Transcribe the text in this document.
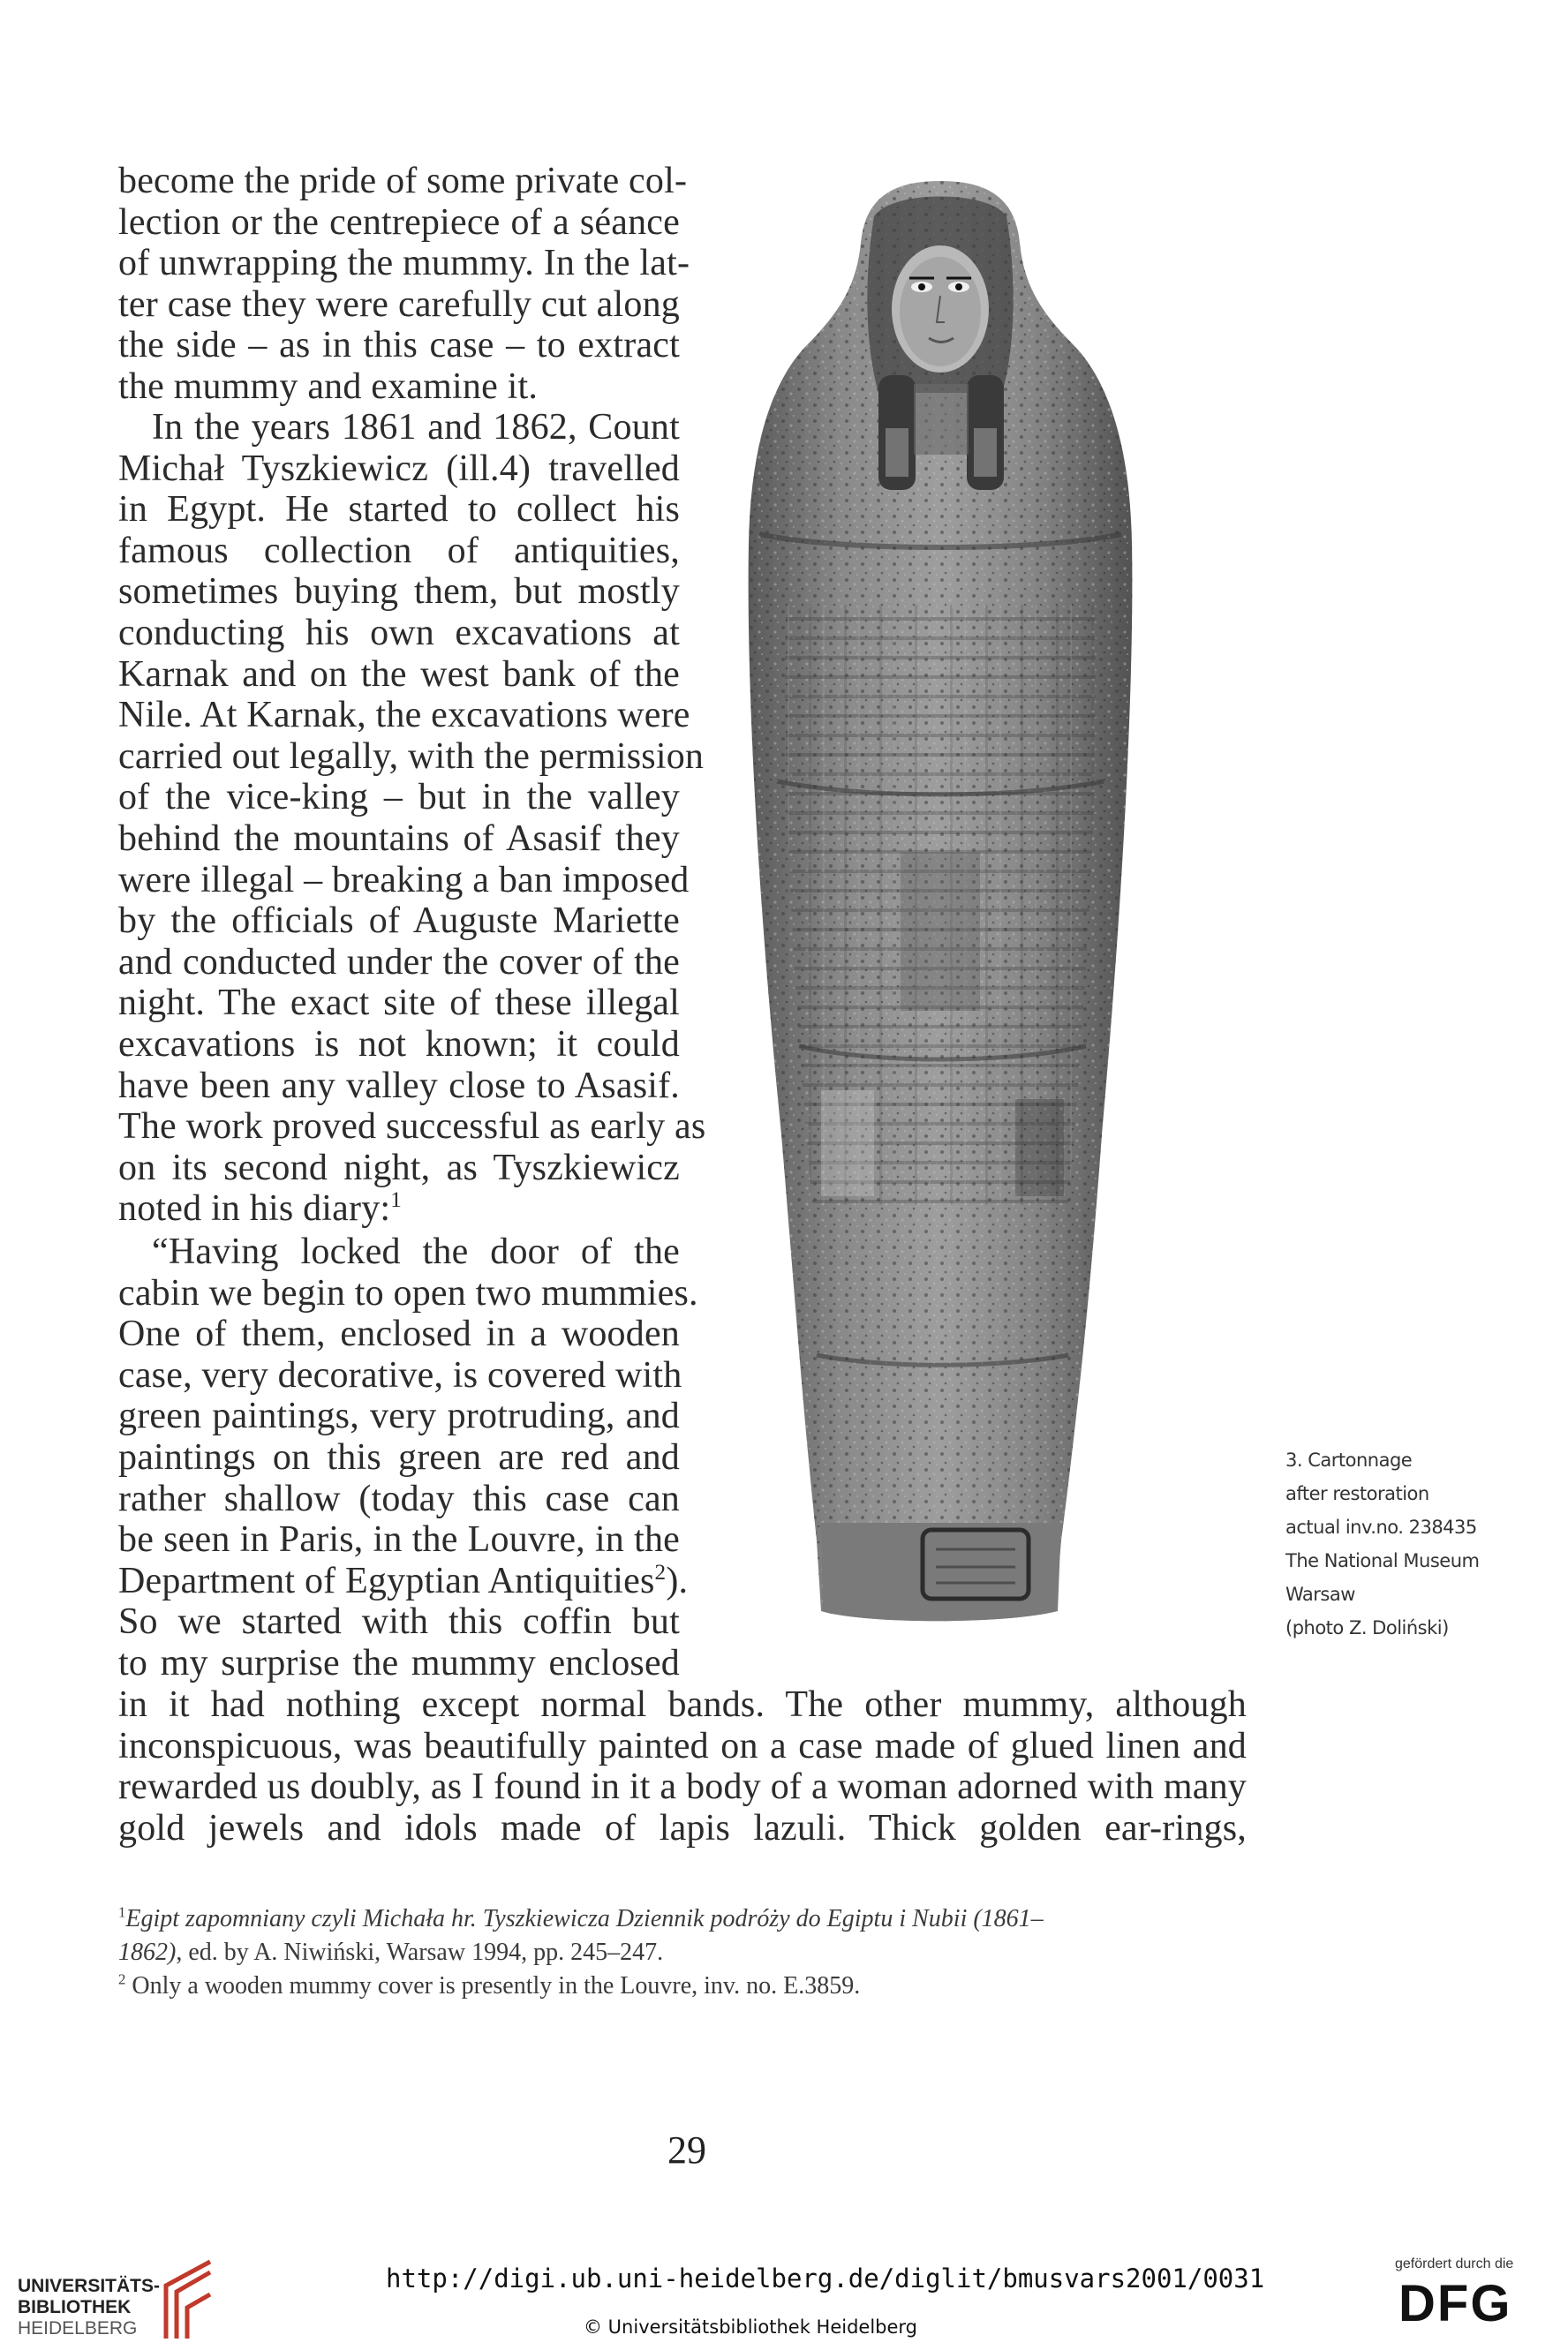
become the pride of some private col-
lection or the centrepiece of a séance
of unwrapping the mummy. In the lat-
ter case they were carefully cut along
the side – as in this case – to extract
the mummy and examine it.
In the years 1861 and 1862, Count
Michał Tyszkiewicz (ill.4) travelled
in Egypt. He started to collect his
famous collection of antiquities,
sometimes buying them, but mostly
conducting his own excavations at
Karnak and on the west bank of the
Nile. At Karnak, the excavations were
carried out legally, with the permission
of the vice-king – but in the valley
behind the mountains of Asasif they
were illegal – breaking a ban imposed
by the officials of Auguste Mariette
and conducted under the cover of the
night. The exact site of these illegal
excavations is not known; it could
have been any valley close to Asasif.
The work proved successful as early as
on its second night, as Tyszkiewicz
noted in his diary:$^1$
“Having locked the door of the
cabin we begin to open two mummies.
One of them, enclosed in a wooden
case, very decorative, is covered with
green paintings, very protruding, and
paintings on this green are red and
rather shallow (today this case can
be seen in Paris, in the Louvre, in the
Department of Egyptian Antiquities$^2$).
So we started with this coffin but
to my surprise the mummy enclosed
in it had nothing except normal bands. The other mummy, although
inconspicuous, was beautifully painted on a case made of glued linen and
rewarded us doubly, as I found in it a body of a woman adorned with many
gold jewels and idols made of lapis lazuli. Thick golden ear-rings,
3. Cartonnage
after restoration
actual inv.no. 238435
The National Museum
Warsaw
(photo Z. Doliński)
$^1$Egipt zapomniany czyli Michała hr. Tyszkiewicza Dziennik podróży do Egiptu i Nubii (1861–
1862), ed. by A. Niwiński, Warsaw 1994, pp. 245–247.
$^2$ Only a wooden mummy cover is presently in the Louvre, inv. no. E.3859.
29
UNIVERSITÄTS-
BIBLIOTHEK
HEIDELBERG
http://digi.ub.uni-heidelberg.de/diglit/bmusvars2001/0031
© Universitätsbibliothek Heidelberg
gefördert durch die
DFG
